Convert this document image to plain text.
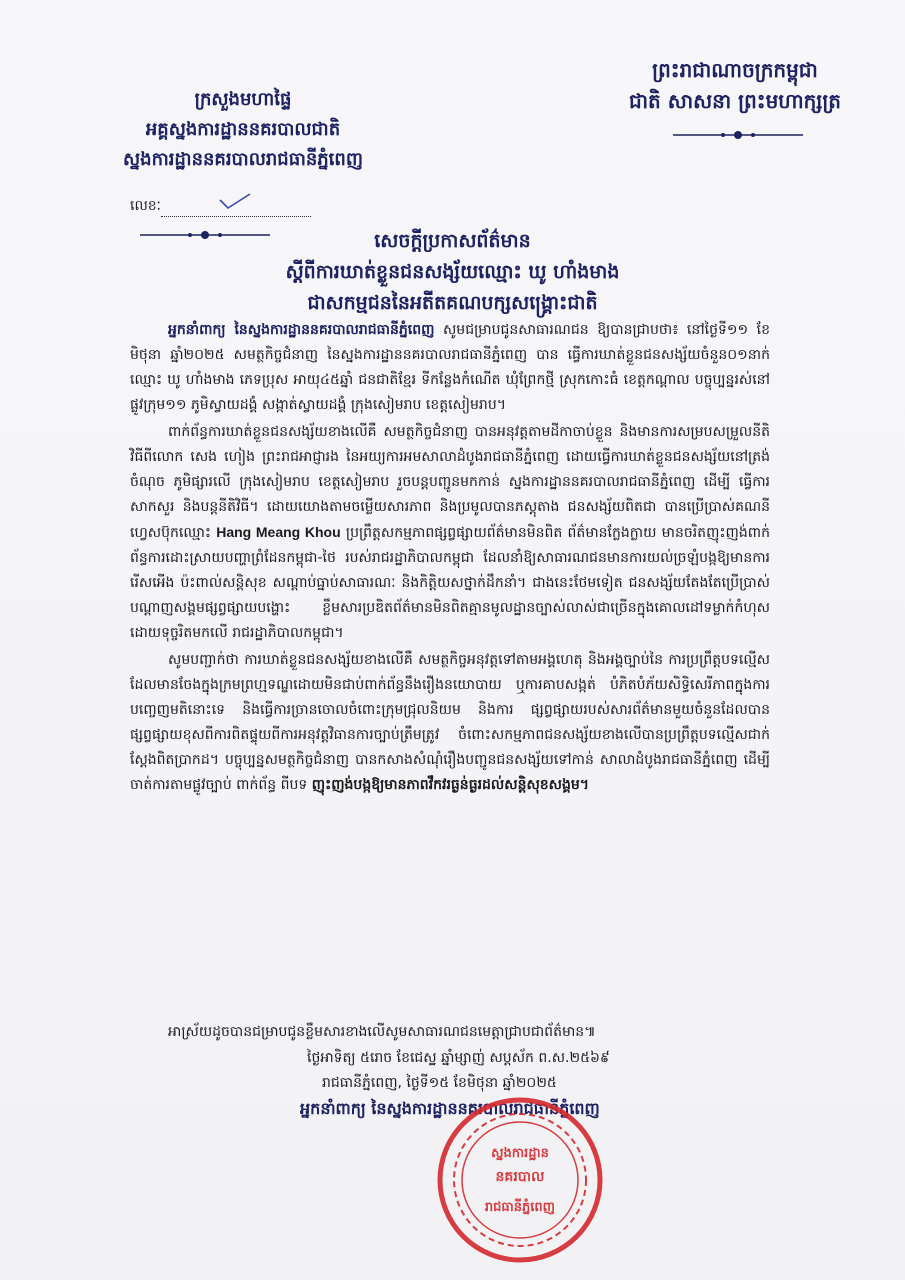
ក្រសួងមហាផ្ទៃ
អគ្គស្នងការដ្ឋាននគរបាលជាតិ
ស្នងការដ្ឋាននគរបាលរាជធានីភ្នំពេញ
លេខៈ
ព្រះរាជាណាចក្រកម្ពុជា
ជាតិ សាសនា ព្រះមហាក្សត្រ
សេចក្ដីប្រកាសព័ត៌មាន
ស្ដីពីការឃាត់ខ្លួនជនសង្ស័យឈ្មោះ ឃូ ហាំងមាង
ជាសកម្មជននៃអតីតគណបក្សសង្គ្រោះជាតិ

អ្នកនាំពាក្យ នៃស្នងការដ្ឋាននគរបាលរាជធានីភ្នំពេញ សូមជម្រាបជូនសាធារណជន ឱ្យបានជ្រាបថា៖ នៅថ្ងៃទី១១ ខែមិថុនា ឆ្នាំ២០២៥ សមត្ថកិច្ចជំនាញ នៃស្នងការដ្ឋាននគរបាលរាជធានីភ្នំពេញ បាន ធ្វើការឃាត់ខ្លួនជនសង្ស័យចំនួន០១នាក់ ឈ្មោះ ឃូ ហាំងមាង ភេទប្រុស អាយុ៤៥ឆ្នាំ ជនជាតិខ្មែរ ទីកន្លែងកំណើត ឃុំព្រែកថ្មី ស្រុកកោះធំ ខេត្តកណ្ដាល បច្ចុប្បន្នរស់នៅ ផ្លូវក្រុម១១ ភូមិស្វាយដង្គំ សង្កាត់ស្វាយដង្គំ ក្រុងសៀមរាប ខេត្តសៀមរាប។

ពាក់ព័ន្ធការឃាត់ខ្លួនជនសង្ស័យខាងលើគឺ សមត្ថកិច្ចជំនាញ បានអនុវត្តតាមដីកាចាប់ខ្លួន និងមានការសម្របសម្រួលនីតិវិធីពីលោក សេង ហៀង ព្រះរាជអាជ្ញារង នៃអយ្យការអមសាលាដំបូងរាជធានីភ្នំពេញ ដោយធ្វើការឃាត់ខ្លួនជនសង្ស័យនៅត្រង់ចំណុច ភូមិផ្សារលើ ក្រុងសៀមរាប ខេត្តសៀមរាប រួចបន្តបញ្ជូនមកកាន់ ស្នងការដ្ឋាននគរបាលរាជធានីភ្នំពេញ ដើម្បី ធ្វើការសាកសួរ និងបន្តនីតិវិធី។ ដោយយោងតាមចម្លើយសារភាព និងប្រមូលបានភស្តុតាង ជនសង្ស័យពិតជា បានប្រើប្រាស់គណនីហ្វេសប៊ុកឈ្មោះ Hang Meang Khou ប្រព្រឹត្តសកម្មភាពផ្សព្វផ្សាយព័ត៌មានមិនពិត ព័ត៌មានក្លែងក្លាយ មានចរិតញុះញង់ពាក់ព័ន្ធការដោះស្រាយបញ្ហាព្រំដែនកម្ពុជា-ថៃ របស់រាជរដ្ឋាភិបាលកម្ពុជា ដែលនាំឱ្យសាធារណជនមានការយល់ច្រឡំបង្កឱ្យមានការរើសអើង ប៉ះពាល់សន្តិសុខ សណ្ដាប់ធ្នាប់សាធារណៈ និងកិត្តិយសថ្នាក់ដឹកនាំ។ ជាងនេះថែមទៀត ជនសង្ស័យតែងតែប្រើប្រាស់បណ្ដាញសង្គមផ្សព្វផ្សាយបង្ហោះ ខ្លឹមសារប្រឌិតព័ត៌មានមិនពិតគ្មានមូលដ្ឋានច្បាស់លាស់ជាច្រើនក្នុងគោលដៅទម្លាក់កំហុសដោយទុច្ចរិតមកលើ រាជរដ្ឋាភិបាលកម្ពុជា។

សូមបញ្ជាក់ថា ការឃាត់ខ្លួនជនសង្ស័យខាងលើគឺ សមត្ថកិច្ចអនុវត្តទៅតាមអង្គហេតុ និងអង្គច្បាប់នៃ ការប្រព្រឹត្តបទល្មើសដែលមានចែងក្នុងក្រមព្រហ្មទណ្ឌដោយមិនជាប់ពាក់ព័ន្ធនឹងរឿងនយោបាយ ឬការគាបសង្កត់ បំភិតបំភ័យសិទ្ធិសេរីភាពក្នុងការបញ្ចេញមតិនោះទេ និងធ្វើការច្រានចោលចំពោះក្រុមជ្រុលនិយម និងការ ផ្សព្វផ្សាយរបស់សារព័ត៌មានមួយចំនួនដែលបានផ្សព្វផ្សាយខុសពីការពិតផ្ទុយពីការអនុវត្តវិធានការច្បាប់ត្រឹមត្រូវ ចំពោះសកម្មភាពជនសង្ស័យខាងលើបានប្រព្រឹត្តបទល្មើសជាក់ស្ដែងពិតប្រាកដ។ បច្ចុប្បន្នសមត្ថកិច្ចជំនាញ បានកសាងសំណុំរឿងបញ្ជូនជនសង្ស័យទៅកាន់ សាលាដំបូងរាជធានីភ្នំពេញ ដើម្បីចាត់ការតាមផ្លូវច្បាប់ ពាក់ព័ន្ធ ពីបទ ញុះញង់បង្កឱ្យមានភាពវឹកវរធ្ងន់ធ្ងរដល់សន្តិសុខសង្គម។

អាស្រ័យដូចបានជម្រាបជូនខ្លឹមសារខាងលើសូមសាធារណជនមេត្តាជ្រាបជាព័ត៌មាន៕
ថ្ងៃអាទិត្យ ៥រោច ខែជេស្ឋ ឆ្នាំម្សាញ់ សប្តស័ក ព.ស.២៥៦៩
រាជធានីភ្នំពេញ, ថ្ងៃទី១៥ ខែមិថុនា ឆ្នាំ២០២៥
អ្នកនាំពាក្យ នៃស្នងការដ្ឋាននគរបាលរាជធានីភ្នំពេញ
ស្នងការដ្ឋាន
នគរបាល
រាជធានីភ្នំពេញ
